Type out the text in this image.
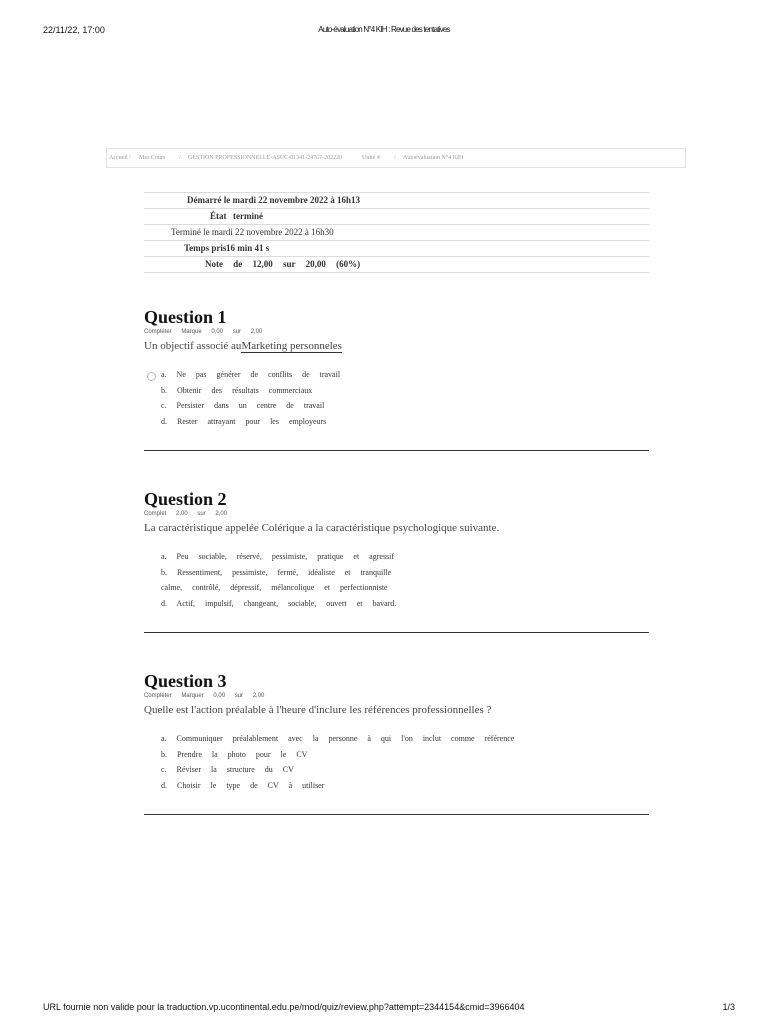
22/11/22, 17:00	Auto-évaluation N°4 KIH : Revue des tentatives
Accueil / Mes Cours / GESTION PROFESSIONNELLE-ASUC-01341-24767-202220	Unité 4 / Autoévaluation N°4 KIH
Démarré le mardi 22 novembre 2022 à 16h13
État terminé
Terminé le mardi 22 novembre 2022 à 16h30
Temps pris 16 min 41 s
Note de 12,00 sur 20,00 (60%)
Question 1
Compléter Marque 0,00 sur 2,00
Un objectif associé auMarketing personneles
a. Ne pas générer de conflits de travail
b. Obtenir des résultats commerciaux
c. Persister dans un centre de travail
d. Rester attrayant pour les employeurs
Question 2
Complet 2,00 sur 2,00
La caractéristique appelée Colérique a la caractéristique psychologique suivante.
a. Peu sociable, réservé, pessimiste, pratique et agressif
b. Ressentiment, pessimiste, fermé, idéaliste et tranquille
calme, contrôlé, dépressif, mélancolique et perfectionniste
d. Actif, impulsif, changeant, sociable, ouvert et bavard.
Question 3
Compléter Marquer 0,00 sur 2,00
Quelle est l'action préalable à l'heure d'inclure les références professionnelles ?
a. Communiquer préalablement avec la personne à qui l'on inclut comme référence
b. Prendre la photo pour le CV
c. Réviser la structure du CV
d. Choisir le type de CV à utiliser
URL fournie non valide pour la traduction.vp.ucontinental.edu.pe/mod/quiz/review.php?attempt=2344154&cmid=3966404	1/3
